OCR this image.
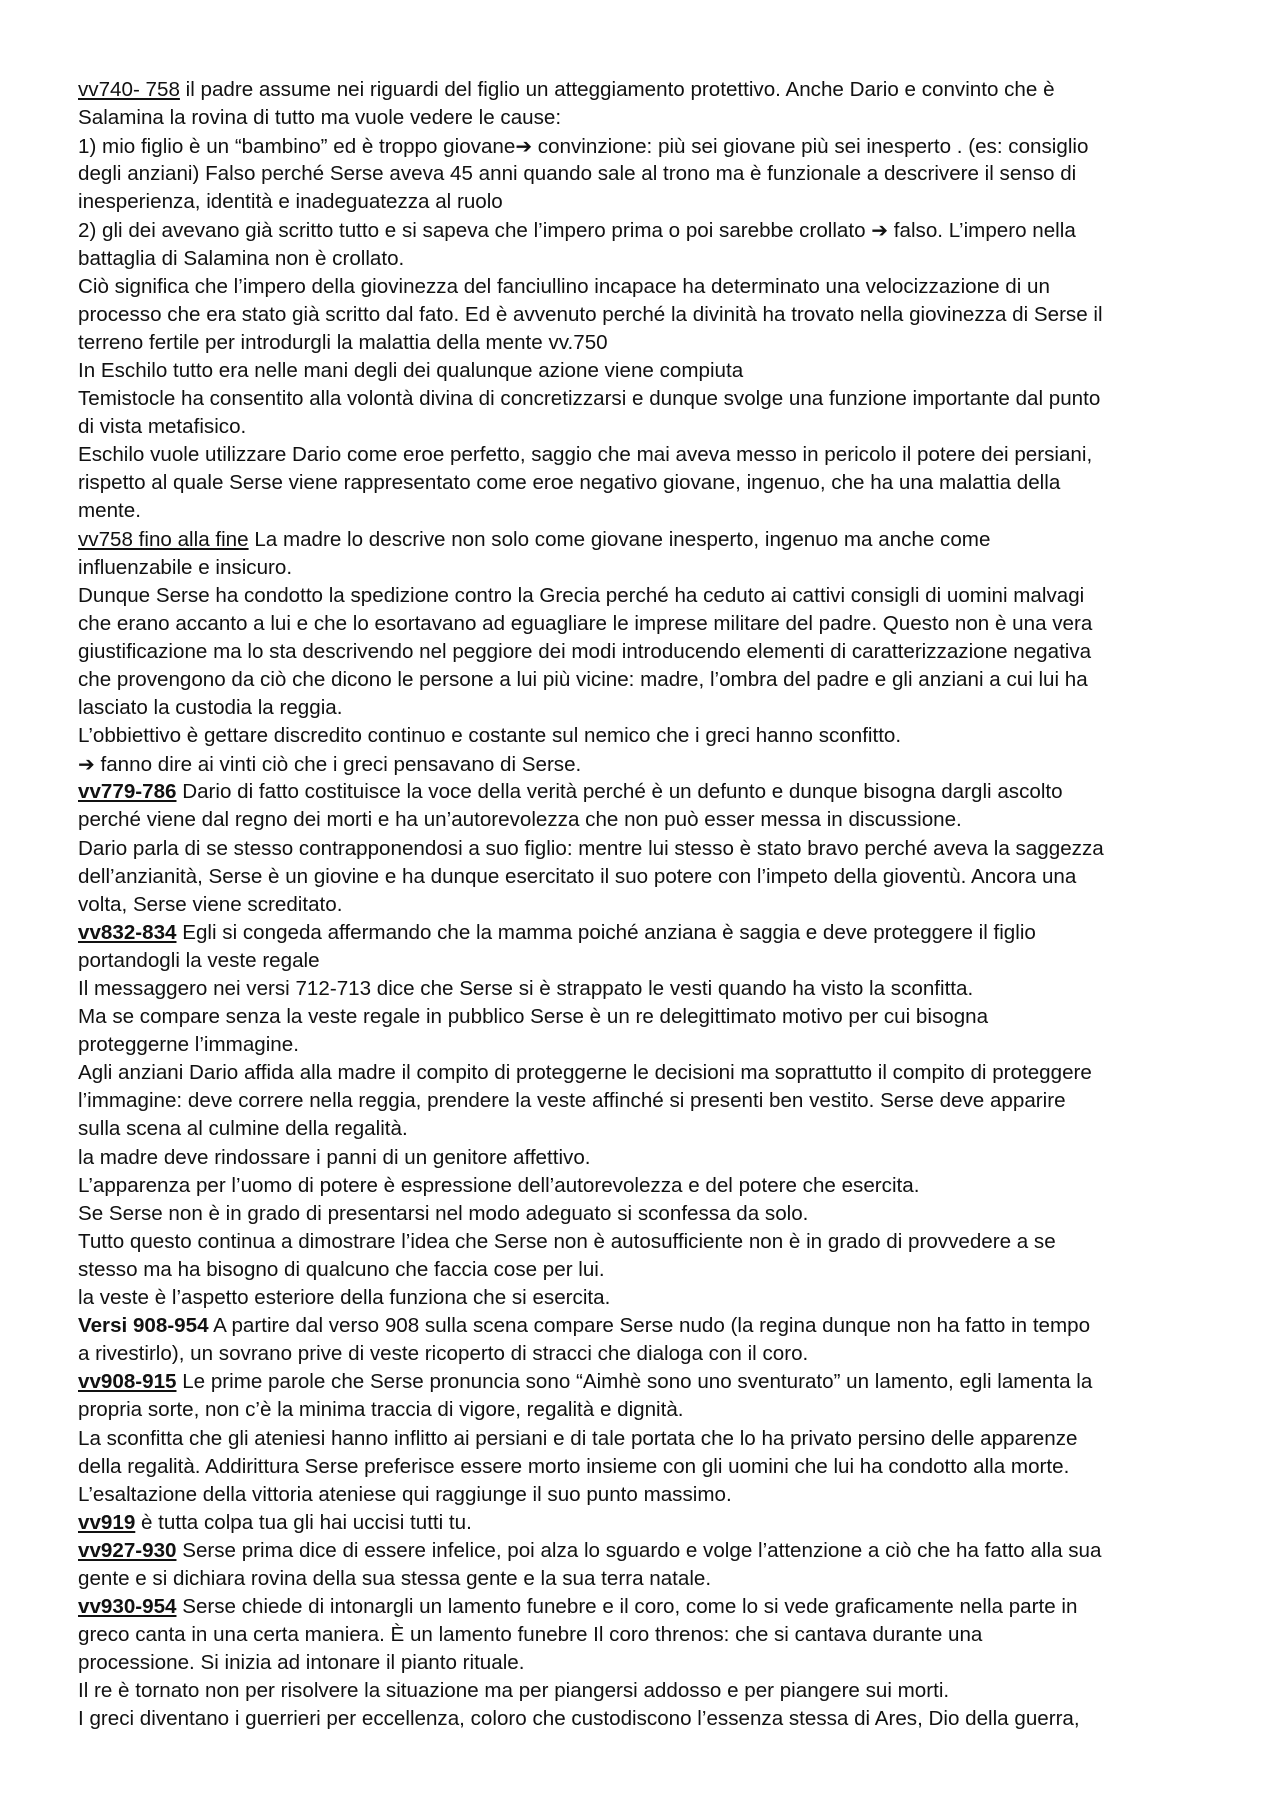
vv740- 758 il padre assume nei riguardi del figlio un atteggiamento protettivo. Anche Dario e convinto che è
Salamina la rovina di tutto ma vuole vedere le cause:
1) mio figlio è un “bambino” ed è troppo giovane➔ convinzione: più sei giovane più sei inesperto . (es: consiglio
degli anziani) Falso perché Serse aveva 45 anni quando sale al trono ma è funzionale a descrivere il senso di
inesperienza, identità e inadeguatezza al ruolo
2) gli dei avevano già scritto tutto e si sapeva che l’impero prima o poi sarebbe crollato ➔ falso. L’impero nella
battaglia di Salamina non è crollato.
Ciò significa che l’impero della giovinezza del fanciullino incapace ha determinato una velocizzazione di un
processo che era stato già scritto dal fato. Ed è avvenuto perché la divinità ha trovato nella giovinezza di Serse il
terreno fertile per introdurgli la malattia della mente vv.750
In Eschilo tutto era nelle mani degli dei qualunque azione viene compiuta
Temistocle ha consentito alla volontà divina di concretizzarsi e dunque svolge una funzione importante dal punto
di vista metafisico.
Eschilo vuole utilizzare Dario come eroe perfetto, saggio che mai aveva messo in pericolo il potere dei persiani,
rispetto al quale Serse viene rappresentato come eroe negativo giovane, ingenuo, che ha una malattia della
mente.
vv758 fino alla fine La madre lo descrive non solo come giovane inesperto, ingenuo ma anche come
influenzabile e insicuro.
Dunque Serse ha condotto la spedizione contro la Grecia perché ha ceduto ai cattivi consigli di uomini malvagi
che erano accanto a lui e che lo esortavano ad eguagliare le imprese militare del padre. Questo non è una vera
giustificazione ma lo sta descrivendo nel peggiore dei modi introducendo elementi di caratterizzazione negativa
che provengono da ciò che dicono le persone a lui più vicine: madre, l’ombra del padre e gli anziani a cui lui ha
lasciato la custodia la reggia.
L’obbiettivo è gettare discredito continuo e costante sul nemico che i greci hanno sconfitto.
➔ fanno dire ai vinti ciò che i greci pensavano di Serse.
vv779-786 Dario di fatto costituisce la voce della verità perché è un defunto e dunque bisogna dargli ascolto
perché viene dal regno dei morti e ha un’autorevolezza che non può esser messa in discussione.
Dario parla di se stesso contrapponendosi a suo figlio: mentre lui stesso è stato bravo perché aveva la saggezza
dell’anzianità, Serse è un giovine e ha dunque esercitato il suo potere con l’impeto della gioventù. Ancora una
volta, Serse viene screditato.
vv832-834 Egli si congeda affermando che la mamma poiché anziana è saggia e deve proteggere il figlio
portandogli la veste regale
Il messaggero nei versi 712-713 dice che Serse si è strappato le vesti quando ha visto la sconfitta.
Ma se compare senza la veste regale in pubblico Serse è un re delegittimato motivo per cui bisogna
proteggerne l’immagine.
Agli anziani Dario affida alla madre il compito di proteggerne le decisioni ma soprattutto il compito di proteggere
l’immagine: deve correre nella reggia, prendere la veste affinché si presenti ben vestito. Serse deve apparire
sulla scena al culmine della regalità.
la madre deve rindossare i panni di un genitore affettivo.
L’apparenza per l’uomo di potere è espressione dell’autorevolezza e del potere che esercita.
Se Serse non è in grado di presentarsi nel modo adeguato si sconfessa da solo.
Tutto questo continua a dimostrare l’idea che Serse non è autosufficiente non è in grado di provvedere a se
stesso ma ha bisogno di qualcuno che faccia cose per lui.
la veste è l’aspetto esteriore della funziona che si esercita.
Versi 908-954 A partire dal verso 908 sulla scena compare Serse nudo (la regina dunque non ha fatto in tempo
a rivestirlo), un sovrano prive di veste ricoperto di stracci che dialoga con il coro.
vv908-915 Le prime parole che Serse pronuncia sono “Aimhè sono uno sventurato” un lamento, egli lamenta la
propria sorte, non c’è la minima traccia di vigore, regalità e dignità.
La sconfitta che gli ateniesi hanno inflitto ai persiani e di tale portata che lo ha privato persino delle apparenze
della regalità. Addirittura Serse preferisce essere morto insieme con gli uomini che lui ha condotto alla morte.
L’esaltazione della vittoria ateniese qui raggiunge il suo punto massimo.
vv919 è tutta colpa tua gli hai uccisi tutti tu.
vv927-930 Serse prima dice di essere infelice, poi alza lo sguardo e volge l’attenzione a ciò che ha fatto alla sua
gente e si dichiara rovina della sua stessa gente e la sua terra natale.
vv930-954 Serse chiede di intonargli un lamento funebre e il coro, come lo si vede graficamente nella parte in
greco canta in una certa maniera. È un lamento funebre Il coro threnos: che si cantava durante una
processione. Si inizia ad intonare il pianto rituale.
Il re è tornato non per risolvere la situazione ma per piangersi addosso e per piangere sui morti.
I greci diventano i guerrieri per eccellenza, coloro che custodiscono l’essenza stessa di Ares, Dio della guerra,
